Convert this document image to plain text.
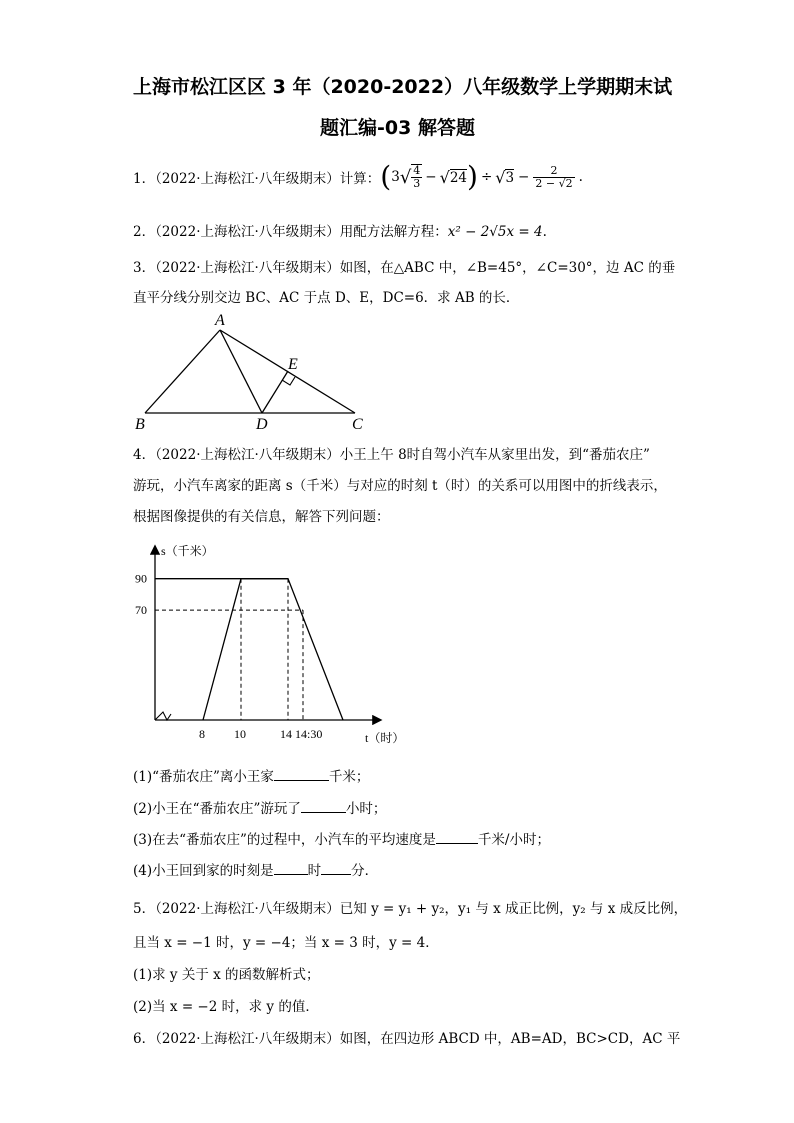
上海市松江区区 3 年（2020-2022）八年级数学上学期期末试
题汇编-03 解答题
1．（2022·上海松江·八年级期末）计算： ( 3 √ $\frac{4}{3}$ − √ 24 ) ÷ √ $3 - \frac{2}{2 - √2}$ .
2．（2022·上海松江·八年级期末）用配方法解方程：x² − 2√5x = 4.
3．（2022·上海松江·八年级期末）如图，在△ABC 中，∠B=45°，∠C=30°，边 AC 的垂
直平分线分别交边 BC、AC 于点 D、E，DC=6．求 AB 的长．
A
B	C
D
E
4．（2022·上海松江·八年级期末）小王上午 8时自驾小汽车从家里出发，到“番茄农庄”
游玩，小汽车离家的距离 s（千米）与对应的时刻 t（时）的关系可以用图中的折线表示，
根据图像提供的有关信息，解答下列问题：
s（千米）
t（时）
90
70
8 10	14 14:30
(1)“番茄农庄”离小王家	千米；
(2)小王在“番茄农庄”游玩了	小时；
(3)在去“番茄农庄”的过程中，小汽车的平均速度是	千米/小时；
(4)小王回到家的时刻是	时 分．
5．（2022·上海松江·八年级期末）已知 y = y₁ + y₂，y₁ 与 x 成正比例，y₂ 与 x 成反比例，
且当 x = −1 时，y = −4；当 x = 3 时，y = 4．
(1)求 y 关于 x 的函数解析式；
(2)当 x = −2 时，求 y 的值．
6．（2022·上海松江·八年级期末）如图，在四边形 ABCD 中，AB=AD，BC>CD，AC 平
